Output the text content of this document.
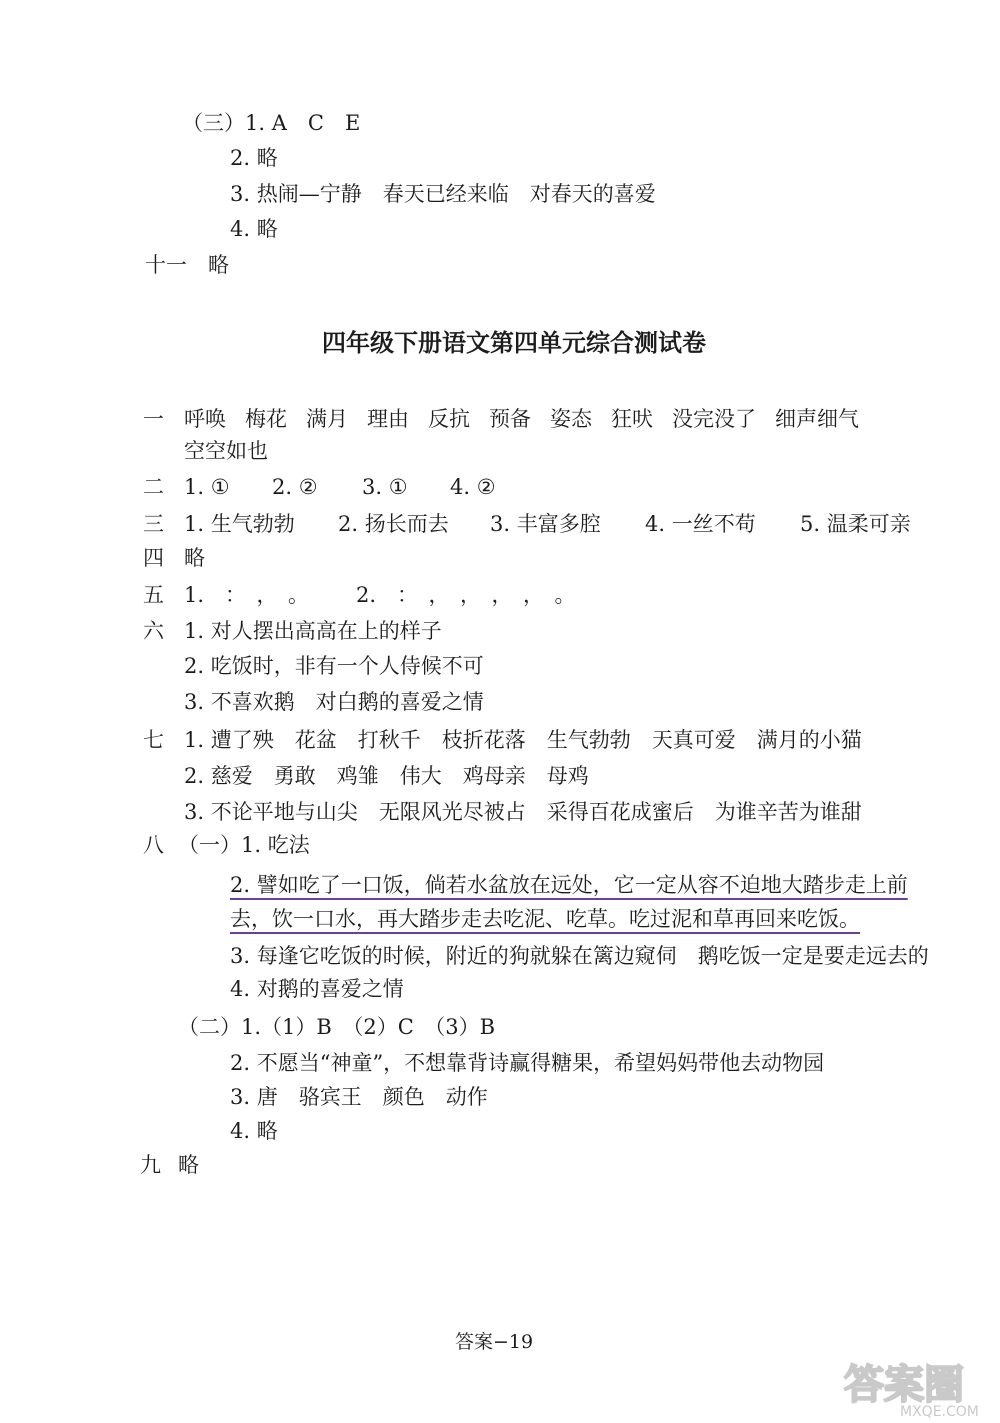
（三）1. A　C　E
2. 略
3. 热闹—宁静　春天已经来临　对春天的喜爱
4. 略
十一　略
四年级下册语文第四单元综合测试卷
一 呼唤 梅花 满月 理由 反抗 预备 姿态 狂吠 没完没了 细声细气
空空如也
二 1. ① 2. ② 3. ① 4. ②
三 1. 生气勃勃 2. 扬长而去 3. 丰富多腔 4. 一丝不苟 5. 温柔可亲
四 略
五 1.　：　，　。 2.　：　，　，　，　，　。
六 1. 对人摆出高高在上的样子
2. 吃饭时，非有一个人侍候不可
3. 不喜欢鹅　对白鹅的喜爱之情
七 1. 遭了殃　花盆　打秋千　枝折花落　生气勃勃　天真可爱　满月的小猫
2. 慈爱　勇敢　鸡雏　伟大　鸡母亲　母鸡
3. 不论平地与山尖　无限风光尽被占　采得百花成蜜后　为谁辛苦为谁甜
八 （一）1. 吃法
2. 譬如吃了一口饭，倘若水盆放在远处，它一定从容不迫地大踏步走上前
去，饮一口水，再大踏步走去吃泥、吃草。吃过泥和草再回来吃饭。
3. 每逢它吃饭的时候，附近的狗就躲在篱边窥伺　鹅吃饭一定是要走远去的
4. 对鹅的喜爱之情
（二）1.（1）B　（2）C　（3）B
2. 不愿当“神童”，不想靠背诗赢得糖果，希望妈妈带他去动物园
3. 唐　骆宾王　颜色　动作
4. 略
九 略
答案−19
答案圈
MXQE.COM
